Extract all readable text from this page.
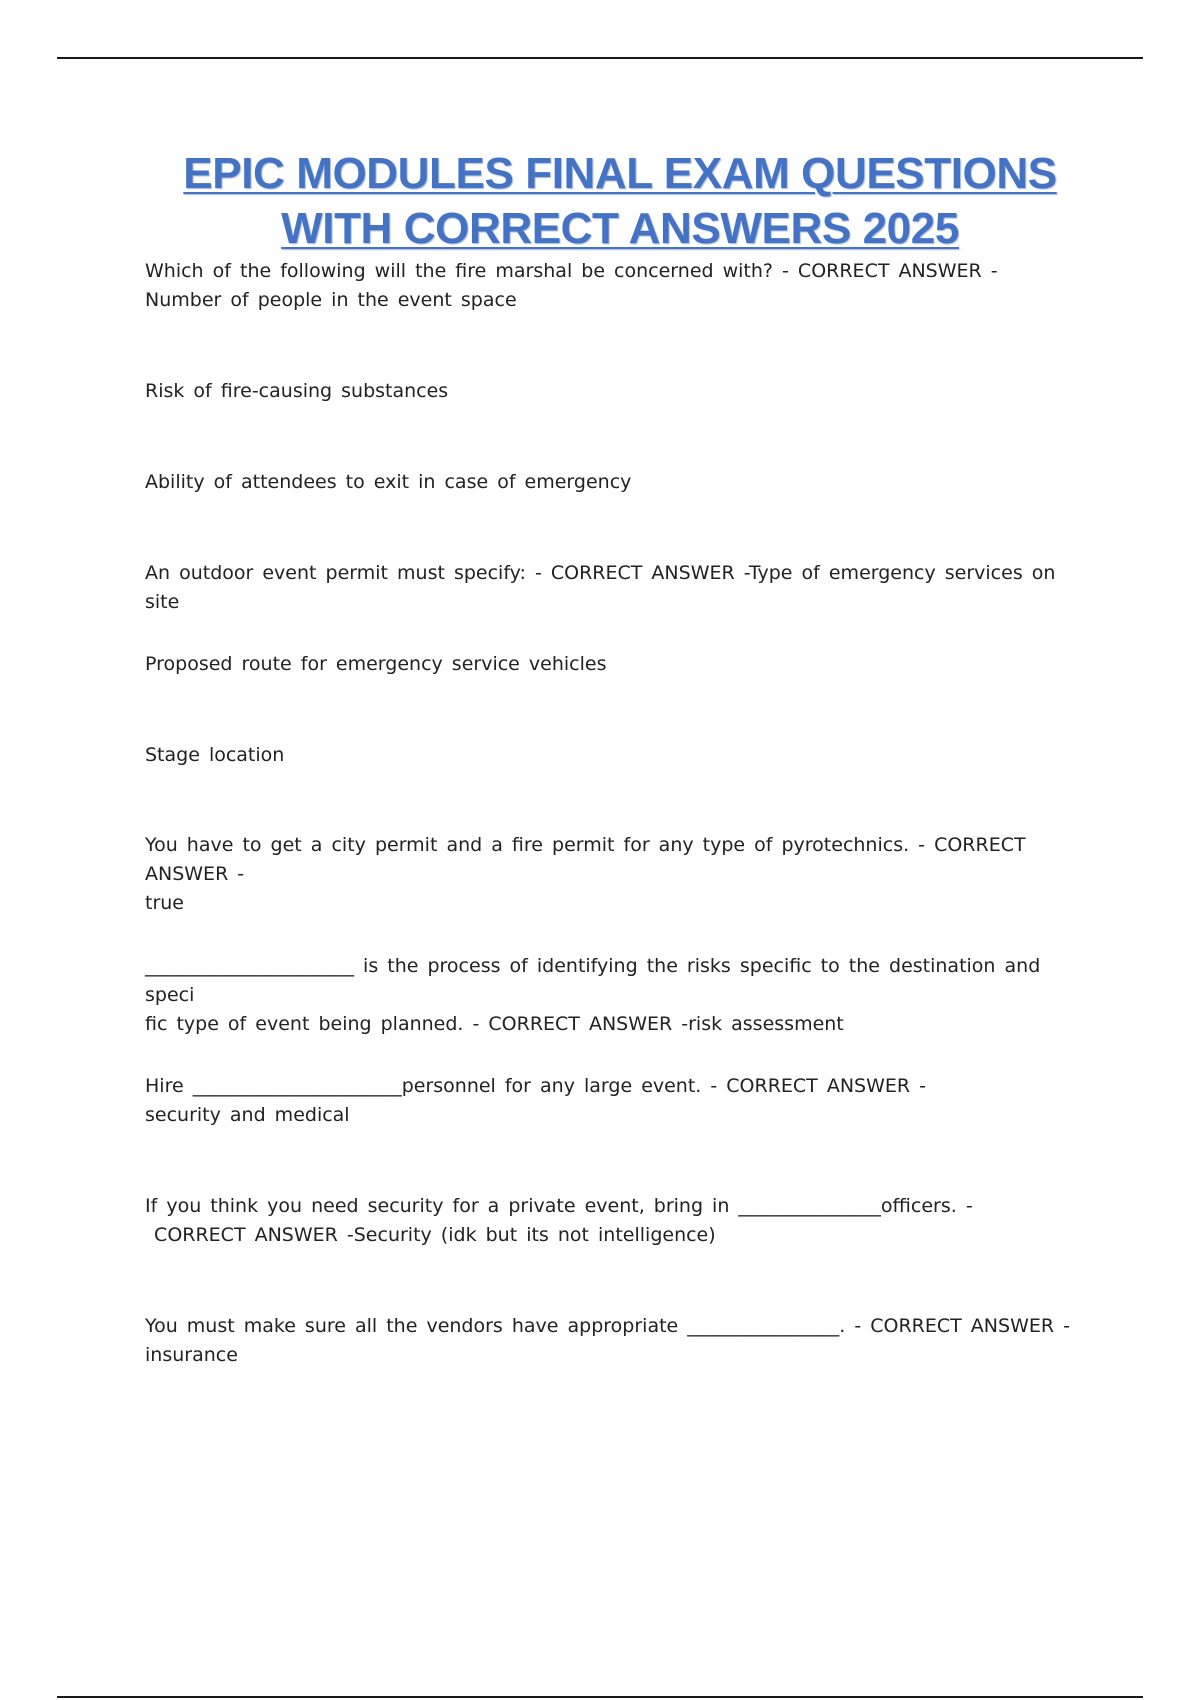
EPIC MODULES FINAL EXAM QUESTIONS
WITH CORRECT ANSWERS 2025

Which of the following will the fire marshal be concerned with? - CORRECT ANSWER -
Number of people in the event space

Risk of fire-causing substances

Ability of attendees to exit in case of emergency

An outdoor event permit must specify: - CORRECT ANSWER -Type of emergency services on site

Proposed route for emergency service vehicles

Stage location

You have to get a city permit and a fire permit for any type of pyrotechnics. - CORRECT ANSWER -
true

______________________ is the process of identifying the risks specific to the destination and speci
fic type of event being planned. - CORRECT ANSWER -risk assessment

Hire ______________________personnel for any large event. - CORRECT ANSWER -
security and medical

If you think you need security for a private event, bring in _______________officers. -
CORRECT ANSWER -Security (idk but its not intelligence)

You must make sure all the vendors have appropriate ________________. - CORRECT ANSWER -
insurance
